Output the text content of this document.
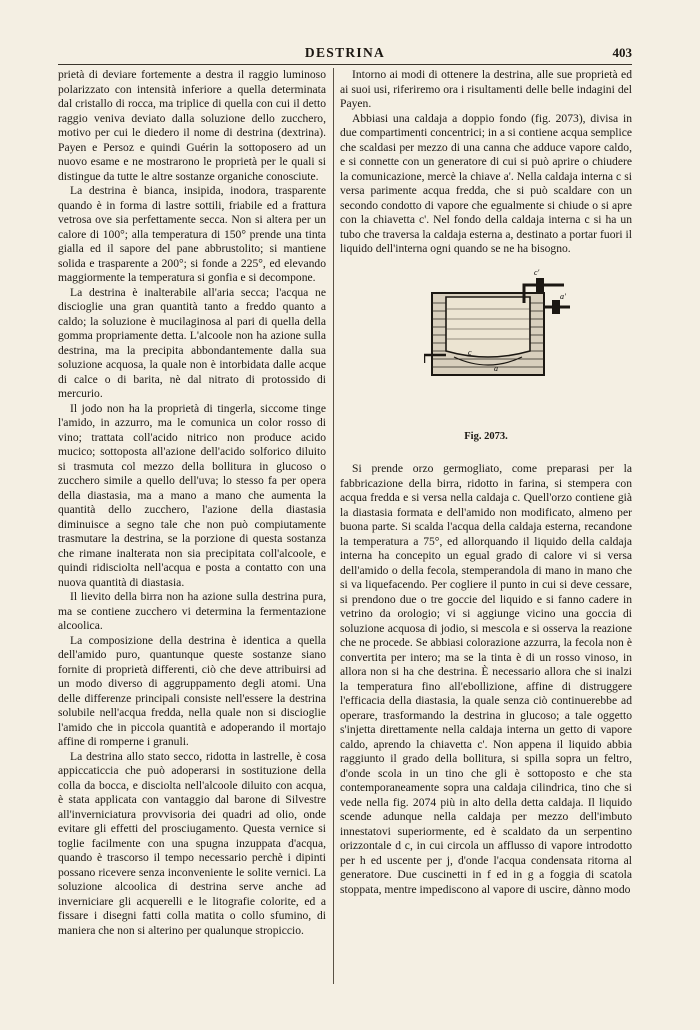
DESTRINA	403

prietà di deviare fortemente a destra il raggio luminoso polarizzato con intensità inferiore a quella determinata dal cristallo di rocca, ma triplice di quella con cui il detto raggio veniva deviato dalla soluzione dello zucchero, motivo per cui le diedero il nome di destrina (dextrina). Payen e Persoz e quindi Guérin la sottoposero ad un nuovo esame e ne mostrarono le proprietà per le quali si distingue da tutte le altre sostanze organiche conosciute.

La destrina è bianca, insipida, inodora, trasparente quando è in forma di lastre sottili, friabile ed a frattura vetrosa ove sia perfettamente secca. Non si altera per un calore di 100°; alla temperatura di 150° prende una tinta gialla ed il sapore del pane abbrustolito; si mantiene solida e trasparente a 200°; si fonde a 225°, ed elevando maggiormente la temperatura si gonfia e si decompone.

La destrina è inalterabile all'aria secca; l'acqua ne discioglie una gran quantità tanto a freddo quanto a caldo; la soluzione è mucilaginosa al pari di quella della gomma propriamente detta. L'alcoole non ha azione sulla destrina, ma la precipita abbondantemente dalla sua soluzione acquosa, la quale non è intorbidata dalle acque di calce o di barita, nè dal nitrato di protossido di mercurio.

Il jodo non ha la proprietà di tingerla, siccome tinge l'amido, in azzurro, ma le comunica un color rosso di vino; trattata coll'acido nitrico non produce acido mucico; sottoposta all'azione dell'acido solforico diluito si trasmuta col mezzo della bollitura in glucoso o zucchero simile a quello dell'uva; lo stesso fa per opera della diastasia, ma a mano a mano che aumenta la quantità dello zucchero, l'azione della diastasia diminuisce a segno tale che non può compiutamente trasmutare la destrina, se la porzione di questa sostanza che rimane inalterata non sia precipitata coll'alcoole, e quindi ridisciolta nell'acqua e posta a contatto con una nuova quantità di diastasia.

Il lievito della birra non ha azione sulla destrina pura, ma se contiene zucchero vi determina la fermentazione alcoolica.

La composizione della destrina è identica a quella dell'amido puro, quantunque queste sostanze siano fornite di proprietà differenti, ciò che deve attribuirsi ad un modo diverso di aggruppamento degli atomi. Una delle differenze principali consiste nell'essere la destrina solubile nell'acqua fredda, nella quale non si discioglie l'amido che in piccola quantità e adoperando il mortajo affine di romperne i granuli.

La destrina allo stato secco, ridotta in lastrelle, è cosa appiccaticcia che può adoperarsi in sostituzione della colla da bocca, e disciolta nell'alcoole diluito con acqua, è stata applicata con vantaggio dal barone di Silvestre all'inverniciatura provvisoria dei quadri ad olio, onde evitare gli effetti del prosciugamento. Questa vernice si toglie facilmente con una spugna inzuppata d'acqua, quando è trascorso il tempo necessario perchè i dipinti possano ricevere senza inconveniente le solite vernici. La soluzione alcoolica di destrina serve anche ad inverniciare gli acquerelli e le litografie colorite, ed a fissare i disegni fatti colla matita o collo sfumino, di maniera che non si alterino per qualunque stropiccio.

Intorno ai modi di ottenere la destrina, alle sue proprietà ed ai suoi usi, riferiremo ora i risultamenti delle belle indagini del Payen.

Abbiasi una caldaja a doppio fondo (fig. 2073), divisa in due compartimenti concentrici; in a si contiene acqua semplice che scaldasi per mezzo di una canna che adduce vapore caldo, e si connette con un generatore di cui si può aprire o chiudere la comunicazione, mercè la chiave a'. Nella caldaja interna c si versa parimente acqua fredda, che si può scaldare con un secondo condotto di vapore che egualmente si chiude o si apre con la chiavetta c'. Nel fondo della caldaja interna c si ha un tubo che traversa la caldaja esterna a, destinato a portar fuori il liquido dell'interna ogni quando se ne ha bisogno.

c'
a'
c
a
Fig. 2073.

Si prende orzo germogliato, come preparasi per la fabbricazione della birra, ridotto in farina, si stempera con acqua fredda e si versa nella caldaja c. Quell'orzo contiene già la diastasia formata e dell'amido non modificato, almeno per buona parte. Si scalda l'acqua della caldaja esterna, recandone la temperatura a 75°, ed allorquando il liquido della caldaja interna ha concepito un egual grado di calore vi si versa dell'amido o della fecola, stemperandola di mano in mano che si va liquefacendo. Per cogliere il punto in cui si deve cessare, si prendono due o tre goccie del liquido e si fanno cadere in vetrino da orologio; vi si aggiunge vicino una goccia di soluzione acquosa di jodio, si mescola e si osserva la reazione che ne procede. Se abbiasi colorazione azzurra, la fecola non è convertita per intero; ma se la tinta è di un rosso vinoso, in allora non si ha che destrina. È necessario allora che si inalzi la temperatura fino all'ebollizione, affine di distruggere l'efficacia della diastasia, la quale senza ciò continuerebbe ad operare, trasformando la destrina in glucoso; a tale oggetto s'injetta direttamente nella caldaja interna un getto di vapore caldo, aprendo la chiavetta c'. Non appena il liquido abbia raggiunto il grado della bollitura, si spilla sopra un feltro, d'onde scola in un tino che gli è sottoposto e che sta contemporaneamente sopra una caldaja cilindrica, tino che si vede nella fig. 2074 più in alto della detta caldaja. Il liquido scende adunque nella caldaja per mezzo dell'imbuto innestatovi superiormente, ed è scaldato da un serpentino orizzontale d c, in cui circola un afflusso di vapore introdotto per h ed uscente per j, d'onde l'acqua condensata ritorna al generatore. Due cuscinetti in f ed in g a foggia di scatola stoppata, mentre impediscono al vapore di uscire, dànno modo
